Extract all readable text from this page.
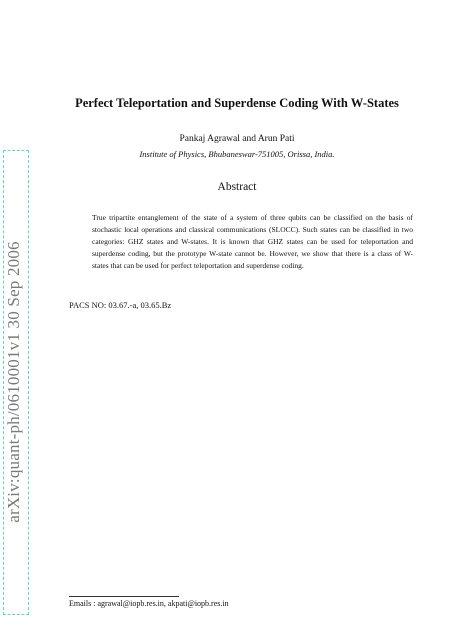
arXiv:quant-ph/0610001v1 30 Sep 2006
Perfect Teleportation and Superdense Coding With W-States
Pankaj Agrawal and Arun Pati
Institute of Physics, Bhubaneswar-751005, Orissa, India.
Abstract
True tripartite entanglement of the state of a system of three qubits can be classified on the basis of stochastic local operations and classical communications (SLOCC). Such states can be classified in two categories: GHZ states and W-states. It is known that GHZ states can be used for teleportation and superdense coding, but the prototype W-state cannot be. However, we show that there is a class of W-states that can be used for perfect teleportation and superdense coding.
PACS NO: 03.67.-a, 03.65.Bz
Emails : agrawal@iopb.res.in, akpati@iopb.res.in
